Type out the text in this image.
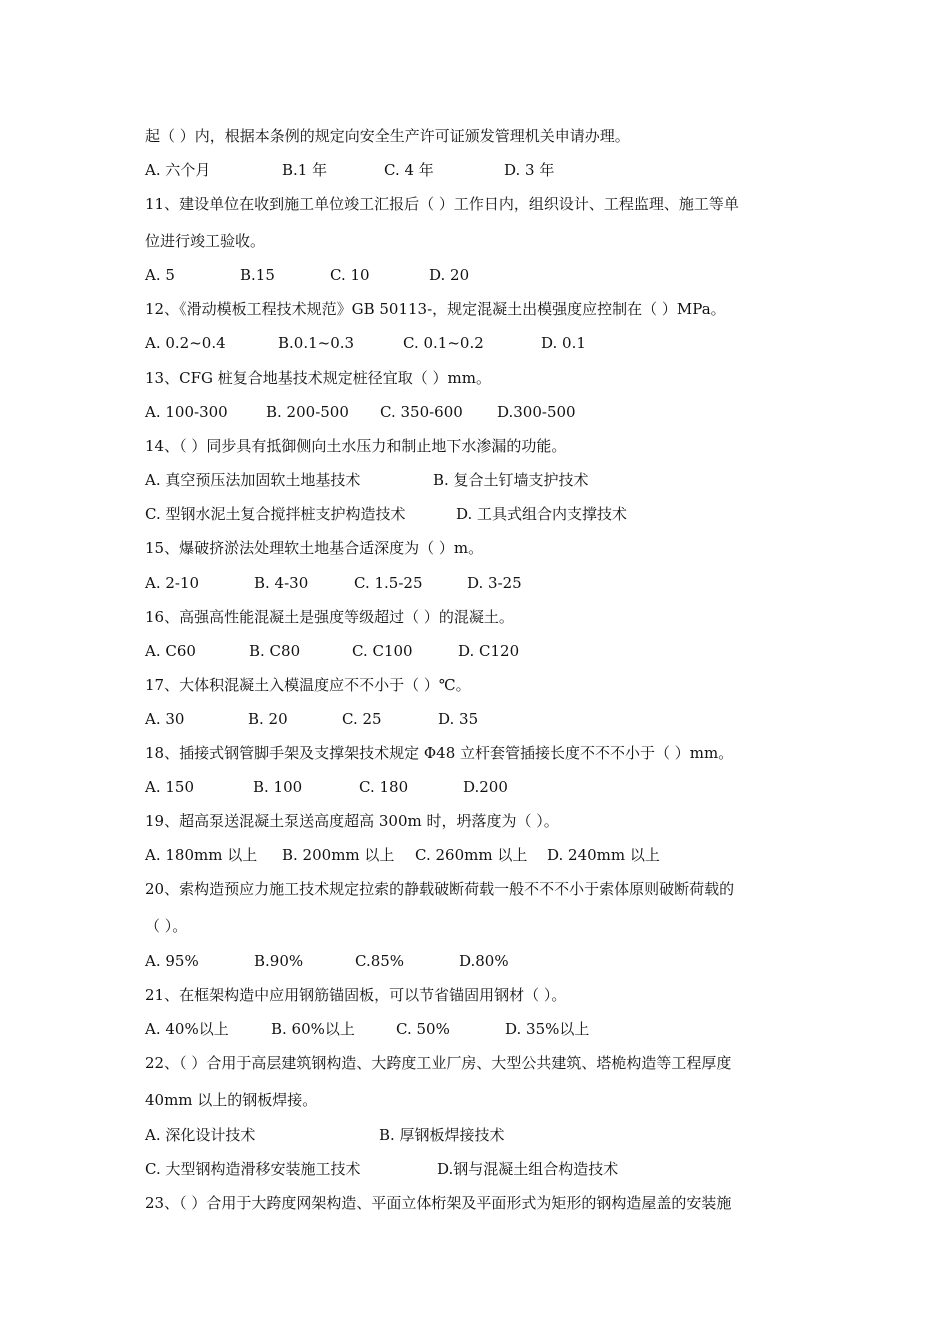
起（ ）内，根据本条例的规定向安全生产许可证颁发管理机关申请办理。
A. 六个月	B.1 年	C. 4 年	D. 3 年
11、建设单位在收到施工单位竣工汇报后（ ）工作日内，组织设计、工程监理、施工等单
位进行竣工验收。
A. 5	B.15	C. 10	D. 20
12、《滑动模板工程技术规范》GB 50113-，规定混凝土出模强度应控制在（ ）MPa。
A. 0.2~0.4	B.0.1~0.3	C. 0.1~0.2	D. 0.1
13、CFG 桩复合地基技术规定桩径宜取（ ）mm。
A. 100-300	B. 200-500 C. 350-600 D.300-500
14、（ ）同步具有抵御侧向土水压力和制止地下水渗漏的功能。
A. 真空预压法加固软土地基技术	B. 复合土钉墙支护技术
C. 型钢水泥土复合搅拌桩支护构造技术	D. 工具式组合内支撑技术
15、爆破挤淤法处理软土地基合适深度为（ ）m。
A. 2-10	B. 4-30	C. 1.5-25	D. 3-25
16、高强高性能混凝土是强度等级超过（ ）的混凝土。
A. C60	B. C80	C. C100	D. C120
17、大体积混凝土入模温度应不不小于（ ）℃。
A. 30	B. 20	C. 25	D. 35
18、插接式钢管脚手架及支撑架技术规定 Φ48 立杆套管插接长度不不不小于（ ）mm。
A. 150	B. 100	C. 180	D.200
19、超高泵送混凝土泵送高度超高 300m 时，坍落度为（ ）。
A. 180mm 以上 B. 200mm 以上 C. 260mm 以上 D. 240mm 以上
20、索构造预应力施工技术规定拉索的静载破断荷载一般不不不小于索体原则破断荷载的
（ ）。
A. 95%	B.90%	C.85%	D.80%
21、在框架构造中应用钢筋锚固板，可以节省锚固用钢材（ ）。
A. 40%以上	B. 60%以上	C. 50%	D. 35%以上
22、（ ）合用于高层建筑钢构造、大跨度工业厂房、大型公共建筑、塔桅构造等工程厚度
40mm 以上的钢板焊接。
A. 深化设计技术	B. 厚钢板焊接技术
C. 大型钢构造滑移安装施工技术	D.钢与混凝土组合构造技术
23、（ ）合用于大跨度网架构造、平面立体桁架及平面形式为矩形的钢构造屋盖的安装施
